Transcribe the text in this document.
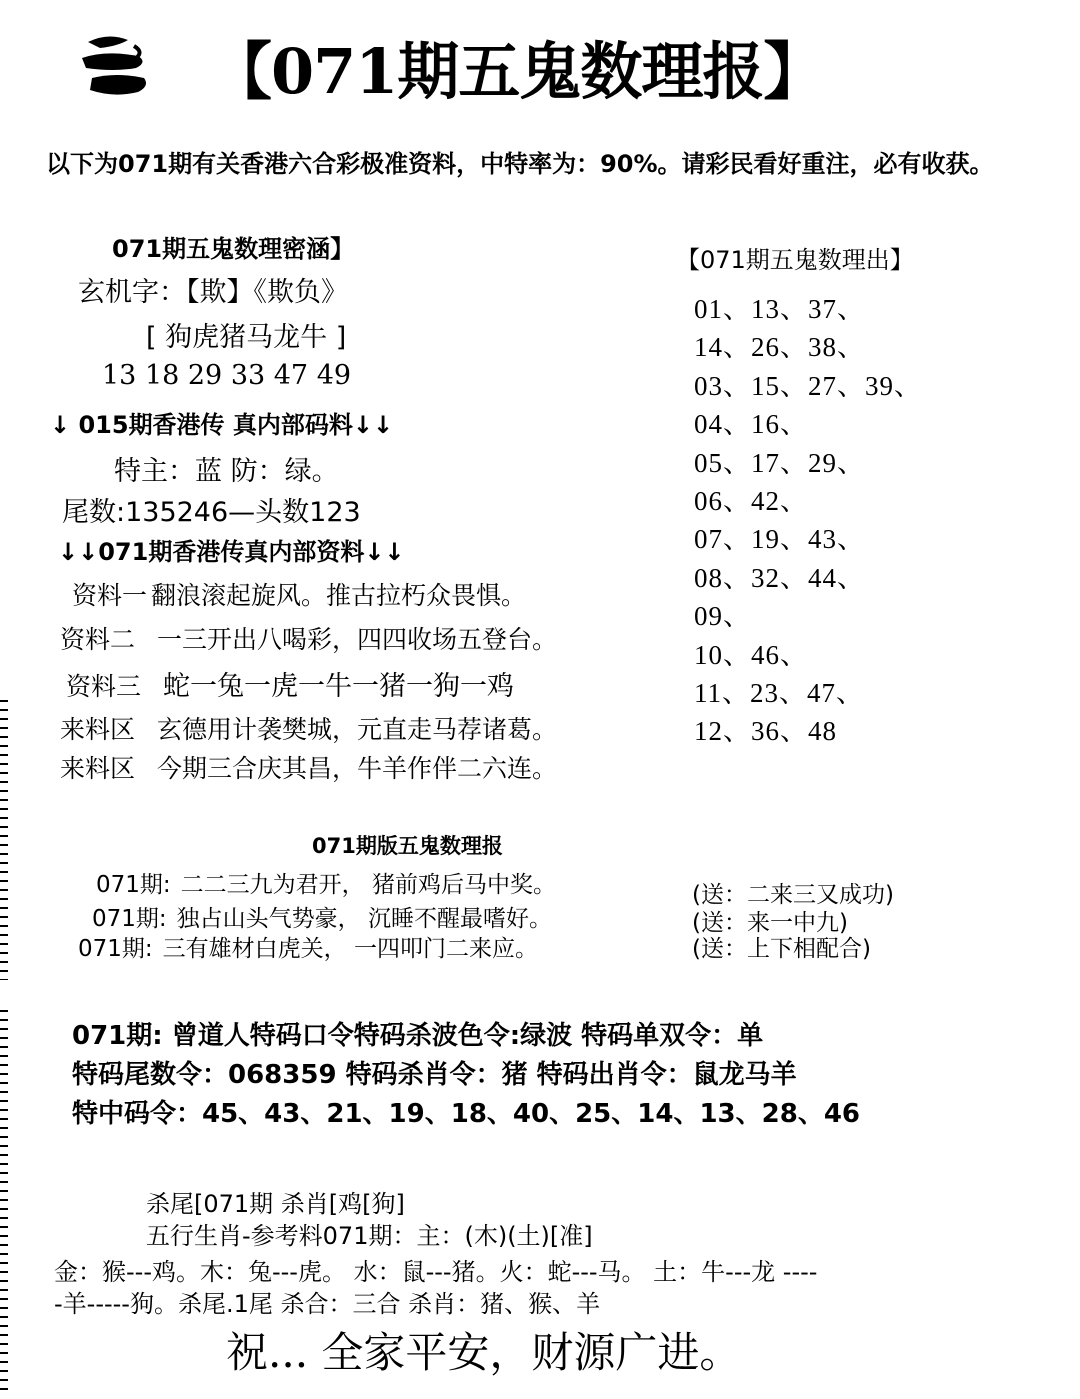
【071期五鬼数理报】
以下为071期有关香港六合彩极准资料，中特率为：90%。请彩民看好重注，必有收获。
071期五鬼数理密涵】
玄机字：【欺】《欺负》
[ 狗虎猪马龙牛 ]
13 18 29 33 47 49
↓ 015期香港传 真内部码料↓↓
特主：蓝 防：绿。
尾数:135246—头数123
↓↓071期香港传真内部资料↓↓
资料一 翻浪滚起旋风。推古拉朽众畏惧。
资料二 一三开出八喝彩，四四收场五登台。
资料三 蛇一兔一虎一牛一猪一狗一鸡
来料区 玄德用计袭樊城，元直走马荐诸葛。
来料区 今期三合庆其昌，牛羊作伴二六连。
【071期五鬼数理出】
01、13、37、
14、26、38、
03、15、27、39、
04、16、
05、17、29、
06、42、
07、19、43、
08、32、44、
09、
10、46、
11、23、47、
12、36、48
071期版五鬼数理报
071期: 二二三九为君开， 猪前鸡后马中奖。	(送：二来三又成功)
071期: 独占山头气势豪， 沉睡不醒最嗜好。	(送：来一中九)
071期: 三有雄材白虎关， 一四叩门二来应。	(送：上下相配合)
071期: 曾道人特码口令特码杀波色令:绿波 特码单双令：单
特码尾数令：068359 特码杀肖令：猪 特码出肖令：鼠龙马羊
特中码令：45、43、21、19、18、40、25、14、13、28、46
杀尾[071期 杀肖[鸡[狗]
五行生肖-参考料071期：主：(木)(土)[准]
金：猴---鸡。木：兔---虎。 水：鼠---猪。火：蛇---马。 土：牛---龙 ----
-羊-----狗。杀尾.1尾 杀合：三合 杀肖：猪、猴、羊
祝... 全家平安，财源广进。
